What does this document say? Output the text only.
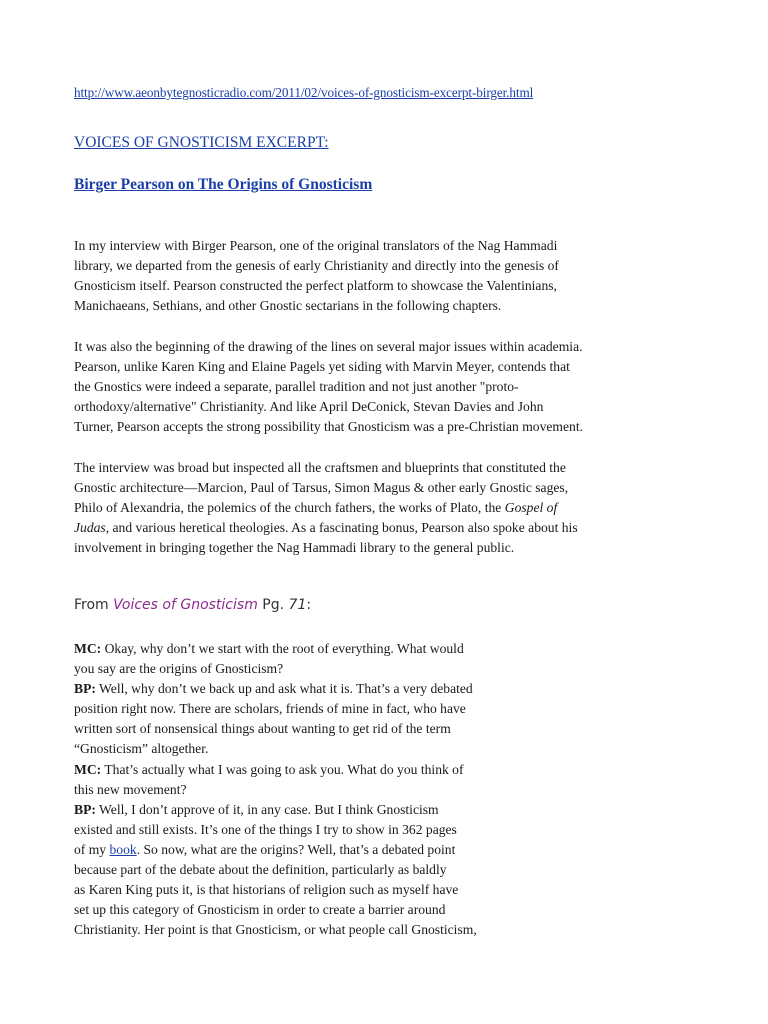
http://www.aeonbytegnosticradio.com/2011/02/voices-of-gnosticism-excerpt-birger.html
VOICES OF GNOSTICISM EXCERPT:
Birger Pearson on The Origins of Gnosticism

In my interview with Birger Pearson, one of the original translators of the Nag Hammadi
library, we departed from the genesis of early Christianity and directly into the genesis of
Gnosticism itself. Pearson constructed the perfect platform to showcase the Valentinians,
Manichaeans, Sethians, and other Gnostic sectarians in the following chapters.

It was also the beginning of the drawing of the lines on several major issues within academia.
Pearson, unlike Karen King and Elaine Pagels yet siding with Marvin Meyer, contends that
the Gnostics were indeed a separate, parallel tradition and not just another "proto-
orthodoxy/alternative" Christianity. And like April DeConick, Stevan Davies and John
Turner, Pearson accepts the strong possibility that Gnosticism was a pre-Christian movement.

The interview was broad but inspected all the craftsmen and blueprints that constituted the
Gnostic architecture—Marcion, Paul of Tarsus, Simon Magus & other early Gnostic sages,
Philo of Alexandria, the polemics of the church fathers, the works of Plato, the Gospel of
Judas, and various heretical theologies. As a fascinating bonus, Pearson also spoke about his
involvement in bringing together the Nag Hammadi library to the general public.

From Voices of Gnosticism Pg. 71:
MC: Okay, why don’t we start with the root of everything. What would
you say are the origins of Gnosticism?
BP: Well, why don’t we back up and ask what it is. That’s a very debated
position right now. There are scholars, friends of mine in fact, who have
written sort of nonsensical things about wanting to get rid of the term
“Gnosticism” altogether.
MC: That’s actually what I was going to ask you. What do you think of
this new movement?
BP: Well, I don’t approve of it, in any case. But I think Gnosticism
existed and still exists. It’s one of the things I try to show in 362 pages
of my book. So now, what are the origins? Well, that’s a debated point
because part of the debate about the definition, particularly as baldly
as Karen King puts it, is that historians of religion such as myself have
set up this category of Gnosticism in order to create a barrier around
Christianity. Her point is that Gnosticism, or what people call Gnosticism,
